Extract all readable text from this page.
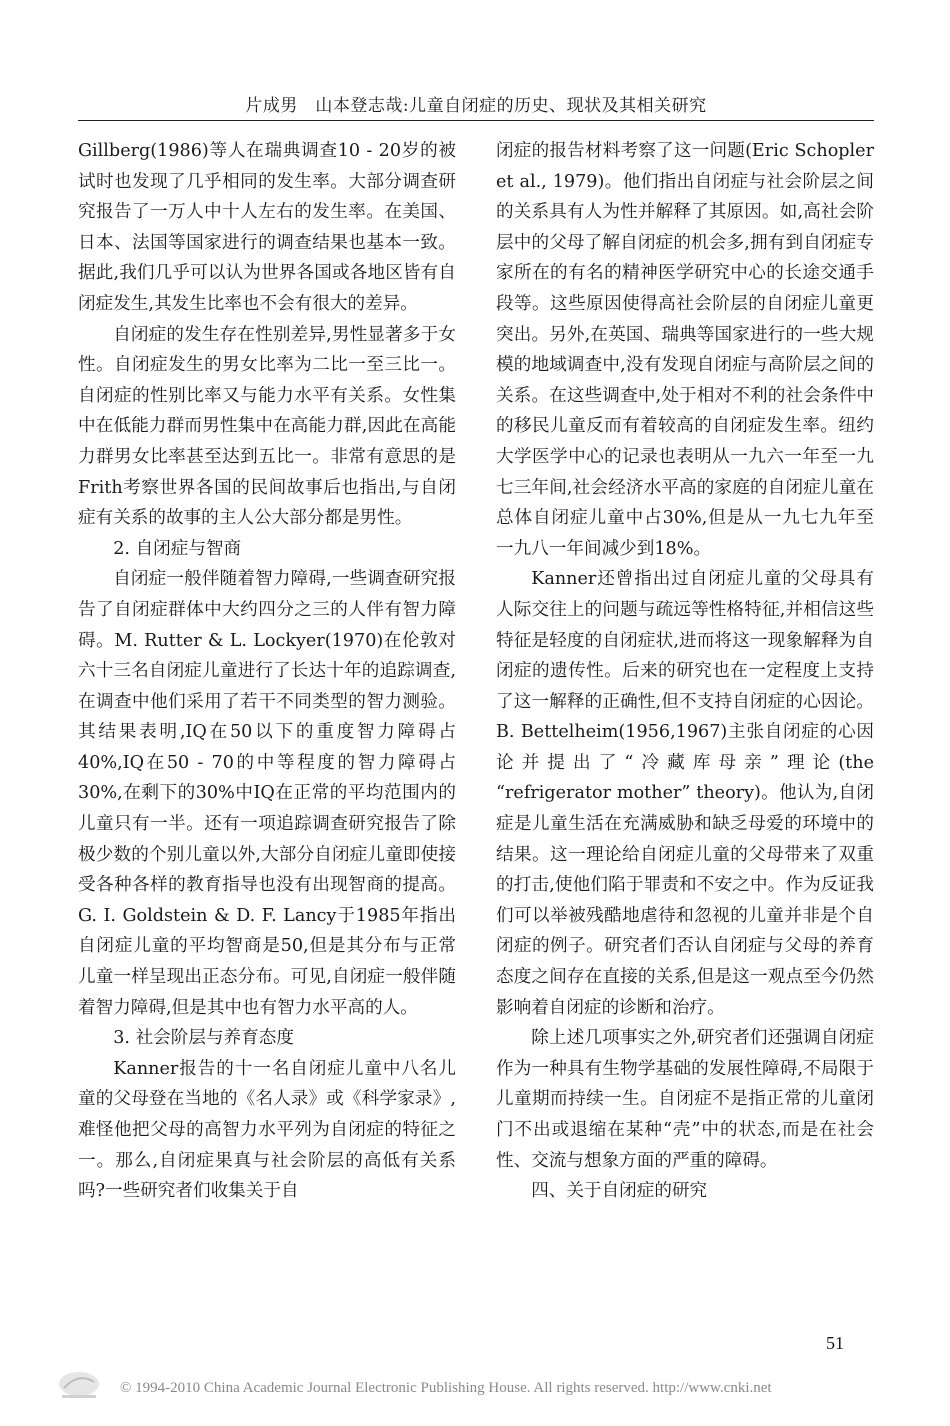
片成男　山本登志哉:儿童自闭症的历史、现状及其相关研究

Gillberg(1986)等人在瑞典调查10 - 20岁的被试时也发现了几乎相同的发生率。大部分调查研究报告了一万人中十人左右的发生率。在美国、日本、法国等国家进行的调查结果也基本一致。据此,我们几乎可以认为世界各国或各地区皆有自闭症发生,其发生比率也不会有很大的差异。

自闭症的发生存在性别差异,男性显著多于女性。自闭症发生的男女比率为二比一至三比一。自闭症的性别比率又与能力水平有关系。女性集中在低能力群而男性集中在高能力群,因此在高能力群男女比率甚至达到五比一。非常有意思的是Frith考察世界各国的民间故事后也指出,与自闭症有关系的故事的主人公大部分都是男性。

2. 自闭症与智商

自闭症一般伴随着智力障碍,一些调查研究报告了自闭症群体中大约四分之三的人伴有智力障碍。M. Rutter & L. Lockyer(1970)在伦敦对六十三名自闭症儿童进行了长达十年的追踪调查,在调查中他们采用了若干不同类型的智力测验。其结果表明,IQ在50以下的重度智力障碍占40%,IQ在50 - 70的中等程度的智力障碍占30%,在剩下的30%中IQ在正常的平均范围内的儿童只有一半。还有一项追踪调查研究报告了除极少数的个别儿童以外,大部分自闭症儿童即使接受各种各样的教育指导也没有出现智商的提高。G. I. Goldstein & D. F. Lancy于1985年指出自闭症儿童的平均智商是50,但是其分布与正常儿童一样呈现出正态分布。可见,自闭症一般伴随着智力障碍,但是其中也有智力水平高的人。

3. 社会阶层与养育态度

Kanner报告的十一名自闭症儿童中八名儿童的父母登在当地的《名人录》或《科学家录》,难怪他把父母的高智力水平列为自闭症的特征之一。那么,自闭症果真与社会阶层的高低有关系吗?一些研究者们收集关于自

闭症的报告材料考察了这一问题(Eric Schopler et al., 1979)。他们指出自闭症与社会阶层之间的关系具有人为性并解释了其原因。如,高社会阶层中的父母了解自闭症的机会多,拥有到自闭症专家所在的有名的精神医学研究中心的长途交通手段等。这些原因使得高社会阶层的自闭症儿童更突出。另外,在英国、瑞典等国家进行的一些大规模的地域调查中,没有发现自闭症与高阶层之间的关系。在这些调查中,处于相对不利的社会条件中的移民儿童反而有着较高的自闭症发生率。纽约大学医学中心的记录也表明从一九六一年至一九七三年间,社会经济水平高的家庭的自闭症儿童在总体自闭症儿童中占30%,但是从一九七九年至一九八一年间减少到18%。

Kanner还曾指出过自闭症儿童的父母具有人际交往上的问题与疏远等性格特征,并相信这些特征是轻度的自闭症状,进而将这一现象解释为自闭症的遗传性。后来的研究也在一定程度上支持了这一解释的正确性,但不支持自闭症的心因论。B. Bettelheim(1956,1967)主张自闭症的心因论并提出了“冷藏库母亲”理论(the “refrigerator mother” theory)。他认为,自闭症是儿童生活在充满威胁和缺乏母爱的环境中的结果。这一理论给自闭症儿童的父母带来了双重的打击,使他们陷于罪责和不安之中。作为反证我们可以举被残酷地虐待和忽视的儿童并非是个自闭症的例子。研究者们否认自闭症与父母的养育态度之间存在直接的关系,但是这一观点至今仍然影响着自闭症的诊断和治疗。

除上述几项事实之外,研究者们还强调自闭症作为一种具有生物学基础的发展性障碍,不局限于儿童期而持续一生。自闭症不是指正常的儿童闭门不出或退缩在某种“壳”中的状态,而是在社会性、交流与想象方面的严重的障碍。

四、关于自闭症的研究

51
© 1994-2010 China Academic Journal Electronic Publishing House. All rights reserved. http://www.cnki.net
